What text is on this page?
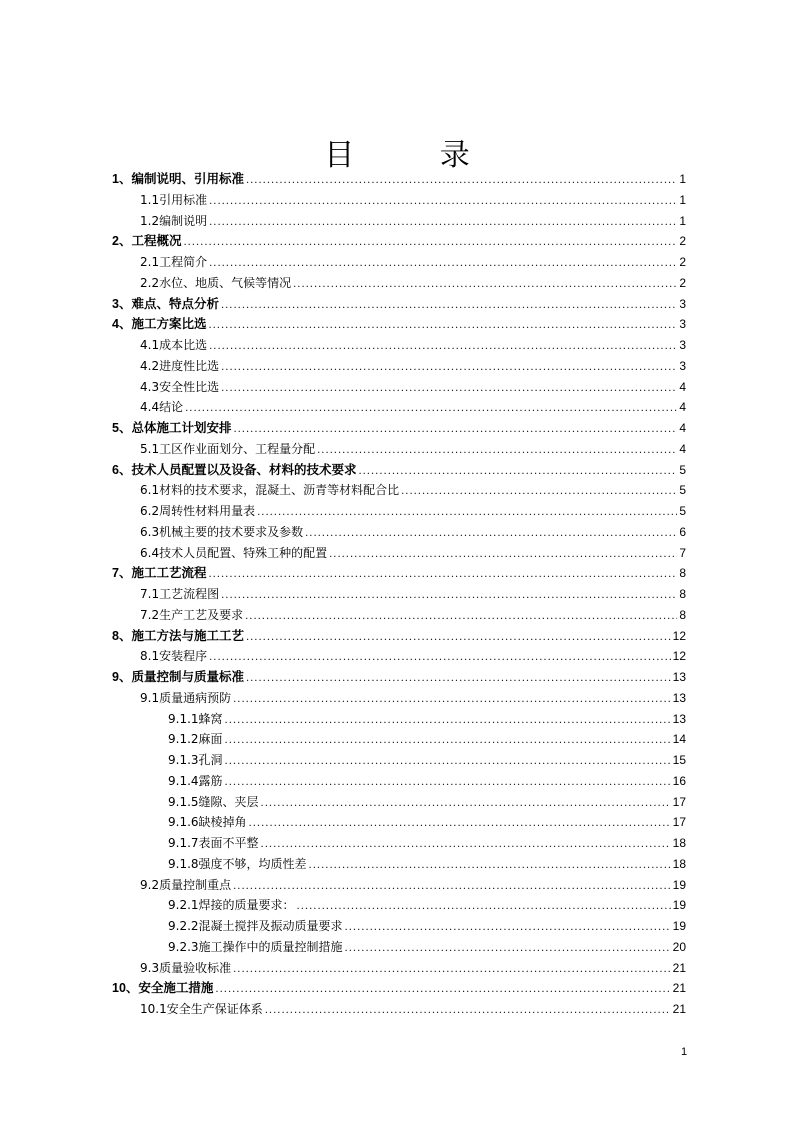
目 录
1、编制说明、引用标准 .....	1
1.1引用标准 .....	1
1.2编制说明 .....	1
2、工程概况 .....	2
2.1工程简介 .....	2
2.2水位、地质、气候等情况 .....	2
3、难点、特点分析 .....	3
4、施工方案比选 .....	3
4.1成本比选 .....	3
4.2进度性比选 .....	3
4.3安全性比选 .....	4
4.4结论 .....	4
5、总体施工计划安排 .....	4
5.1工区作业面划分、工程量分配 .....	4
6、技术人员配置以及设备、材料的技术要求 .....	5
6.1材料的技术要求，混凝土、沥青等材料配合比 .....	5
6.2周转性材料用量表 .....	5
6.3机械主要的技术要求及参数 .....	6
6.4技术人员配置、特殊工种的配置 .....	7
7、施工工艺流程 .....	8
7.1工艺流程图 .....	8
7.2生产工艺及要求 .....	8
8、施工方法与施工工艺 .....	12
8.1安装程序 .....	12
9、质量控制与质量标准 .....	13
9.1质量通病预防 .....	13
9.1.1蜂窝 .....	13
9.1.2麻面 .....	14
9.1.3孔洞 .....	15
9.1.4露筋 .....	16
9.1.5缝隙、夹层 .....	17
9.1.6缺棱掉角 .....	17
9.1.7表面不平整 .....	18
9.1.8强度不够，均质性差 .....	18
9.2质量控制重点 .....	19
9.2.1焊接的质量要求： .....	19
9.2.2混凝土搅拌及振动质量要求 .....	19
9.2.3施工操作中的质量控制措施 .....	20
9.3质量验收标准 .....	21
10、安全施工措施 .....	21
10.1安全生产保证体系 .....	21
1
